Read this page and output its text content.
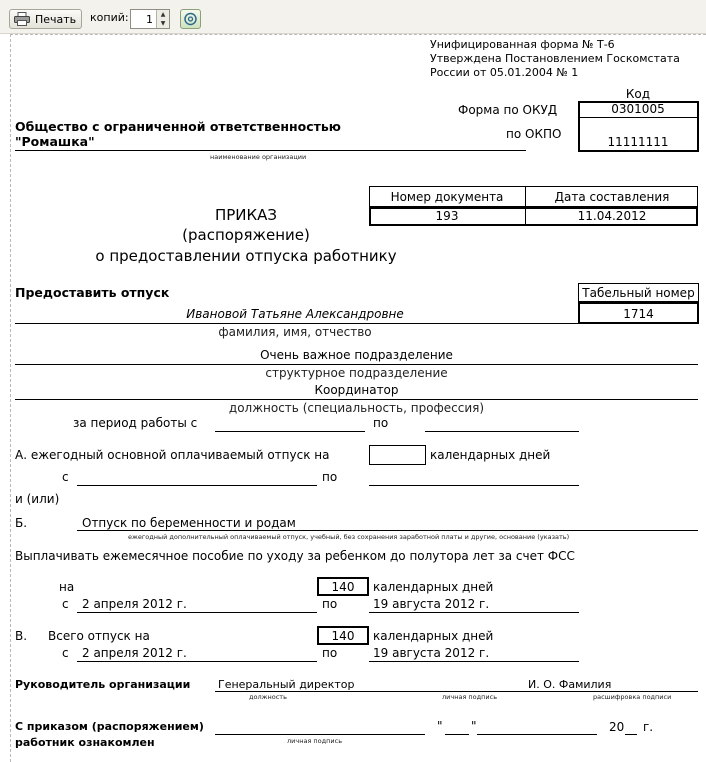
Печать копий: 1	▲
▼
Унифицированная форма № Т-6
Утверждена Постановлением Госкомстата
России от 05.01.2004 № 1
Код
Форма по ОКУД	0301005
по ОКПО
11111111
Общество с ограниченной ответственностью
"Ромашка"
наименование организации
Номер документа	Дата составления
193	11.04.2012
ПРИКАЗ
(распоряжение)
о предоставлении отпуска работнику
Предоставить отпуск	Табельный номер
1714
Ивановой Татьяне Александровне
фамилия, имя, отчество
Очень важное подразделение
структурное подразделение
Координатор
должность (специальность, профессия)
за период работы с	по
А. ежегодный основной оплачиваемый отпуск на	календарных дней
с	по
и (или)
Б.	Отпуск по беременности и родам
ежегодный дополнительный оплачиваемый отпуск, учебный, без сохранения заработной платы и другие, основание (указать)
Выплачивать ежемесячное пособие по уходу за ребенком до полутора лет за счет ФСС
на	140	календарных дней
с 2 апреля 2012 г.	по	19 августа 2012 г.
В. Всего отпуск на	140	календарных дней
с 2 апреля 2012 г.	по	19 августа 2012 г.
Руководитель организации	Генеральный директор	И. О. Фамилия
должность	личная подпись	расшифровка подписи
С приказом (распоряжением)
работник ознакомлен	личная подпись
" "	20 г.
